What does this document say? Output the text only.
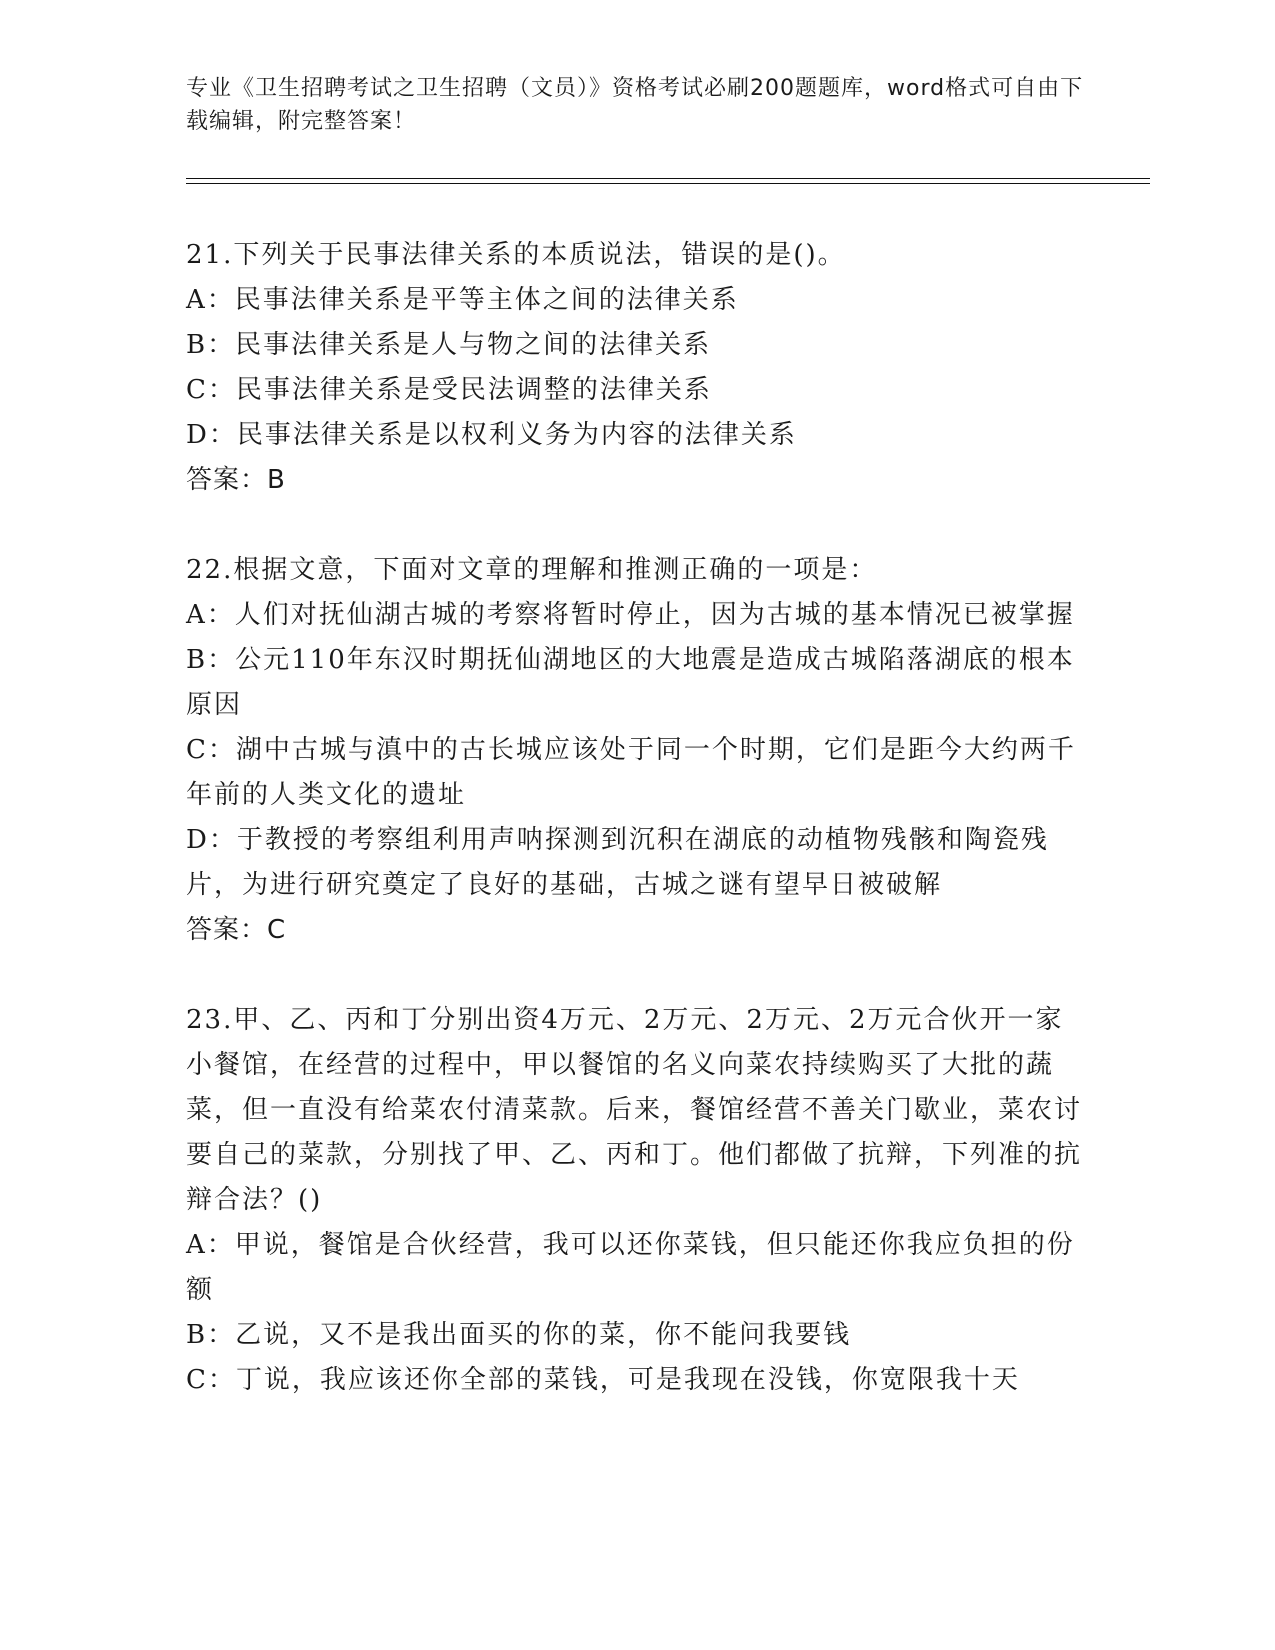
专业《卫生招聘考试之卫生招聘（文员）》资格考试必刷200题题库，word格式可自由下载编辑，附完整答案！

21.下列关于民事法律关系的本质说法，错误的是()。

A：民事法律关系是平等主体之间的法律关系

B：民事法律关系是人与物之间的法律关系

C：民事法律关系是受民法调整的法律关系

D：民事法律关系是以权利义务为内容的法律关系

答案：B

22.根据文意，下面对文章的理解和推测正确的一项是：

A：人们对抚仙湖古城的考察将暂时停止，因为古城的基本情况已被掌握

B：公元110年东汉时期抚仙湖地区的大地震是造成古城陷落湖底的根本原因

C：湖中古城与滇中的古长城应该处于同一个时期，它们是距今大约两千年前的人类文化的遗址

D：于教授的考察组利用声呐探测到沉积在湖底的动植物残骸和陶瓷残片，为进行研究奠定了良好的基础，古城之谜有望早日被破解

答案：C

23.甲、乙、丙和丁分别出资4万元、2万元、2万元、2万元合伙开一家小餐馆，在经营的过程中，甲以餐馆的名义向菜农持续购买了大批的蔬菜，但一直没有给菜农付清菜款。后来，餐馆经营不善关门歇业，菜农讨要自己的菜款，分别找了甲、乙、丙和丁。他们都做了抗辩，下列准的抗辩合法？()

A：甲说，餐馆是合伙经营，我可以还你菜钱，但只能还你我应负担的份额

B：乙说，又不是我出面买的你的菜，你不能问我要钱

C：丁说，我应该还你全部的菜钱，可是我现在没钱，你宽限我十天
